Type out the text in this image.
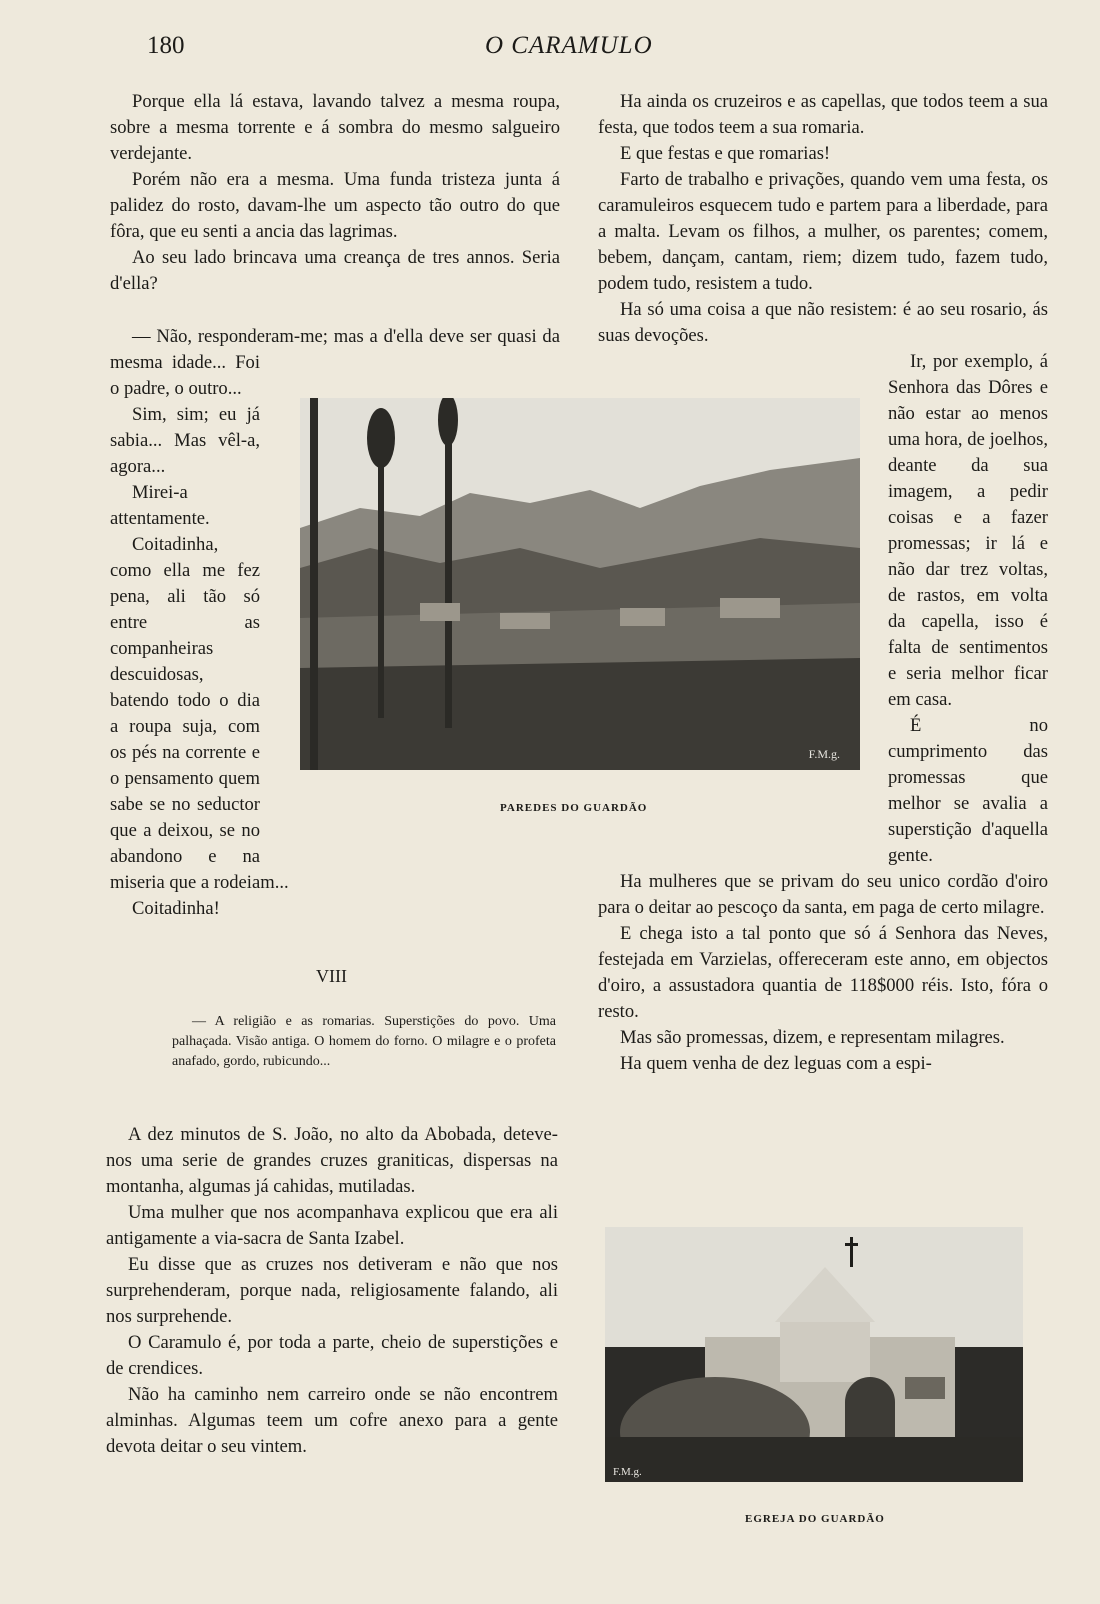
180	O CARAMULO

Porque ella lá estava, lavando talvez a mesma roupa, sobre a mesma torrente e á sombra do mesmo salgueiro verdejante.

Porém não era a mesma. Uma funda tristeza junta á palidez do rosto, davam-lhe um aspecto tão outro do que fôra, que eu senti a ancia das lagrimas.

Ao seu lado brincava uma creança de tres annos. Seria d'ella?

— Não, responderam-me; mas a d'ella deve ser quasi da mesma idade... Foi o padre, o outro...

Sim, sim; eu já sabia... Mas vêl-a, agora...

Mirei-a attentamente.

Coitadinha, como ella me fez pena, ali tão só entre as companheiras descuidosas, batendo todo o dia a roupa suja, com os pés na corrente e o pensamento quem sabe se no seductor que a deixou, se no abandono e na miseria que a rodeiam...

Coitadinha!

VIII

— A religião e as romarias. Superstições do povo. Uma palhaçada. Visão antiga. O homem do forno. O milagre e o profeta anafado, gordo, rubicundo...

A dez minutos de S. João, no alto da Abobada, deteve-nos uma serie de grandes cruzes graniticas, dispersas na montanha, algumas já cahidas, mutiladas.

Uma mulher que nos acompanhava explicou que era ali antigamente a via-sacra de Santa Izabel.

Eu disse que as cruzes nos detiveram e não que nos surprehenderam, porque nada, religiosamente falando, ali nos surprehende.

O Caramulo é, por toda a parte, cheio de superstições e de crendices.

Não ha caminho nem carreiro onde se não encontrem alminhas. Algumas teem um cofre anexo para a gente devota deitar o seu vintem.

Ha ainda os cruzeiros e as capellas, que todos teem a sua festa, que todos teem a sua romaria.

E que festas e que romarias!

Farto de trabalho e privações, quando vem uma festa, os caramuleiros esquecem tudo e partem para a liberdade, para a malta. Levam os filhos, a mulher, os parentes; comem, bebem, dançam, cantam, riem; dizem tudo, fazem tudo, podem tudo, resistem a tudo.

Ha só uma coisa a que não resistem: é ao seu rosario, ás suas devoções.

Ir, por exemplo, á Senhora das Dôres e não estar ao menos uma hora, de joelhos, deante da sua imagem, a pedir coisas e a fazer promessas; ir lá e não dar trez voltas, de rastos, em volta da capella, isso é falta de sentimentos e seria melhor ficar em casa.

É no cumprimento das promessas que melhor se avalia a superstição d'aquella gente.

Ha mulheres que se privam do seu unico cordão d'oiro para o deitar ao pescoço da santa, em paga de certo milagre.

E chega isto a tal ponto que só á Senhora das Neves, festejada em Varzielas, offereceram este anno, em objectos d'oiro, a assustadora quantia de 118$000 réis. Isto, fóra o resto.

Mas são promessas, dizem, e representam milagres.

Ha quem venha de dez leguas com a espi-

F.M.g.
PAREDES DO GUARDÃO
F.M.g.
EGREJA DO GUARDÃO
